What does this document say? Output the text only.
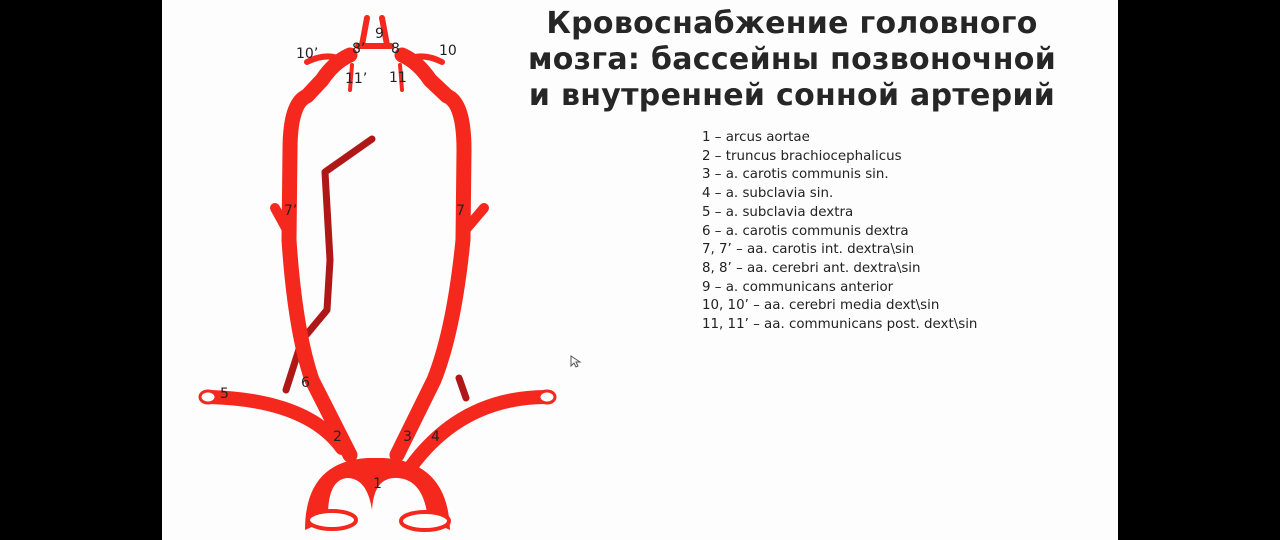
Кровоснабжение головного
мозга: бассейны позвоночной
и внутренней сонной артерий
1 – arcus aortae
2 – truncus brachiocephalicus
3 – a. carotis communis sin.
4 – a. subclavia sin.
5 – a. subclavia dextra
6 – a. carotis communis dextra
7, 7’ – aa. carotis int. dextra\sin
8, 8’ – aa. cerebri ant. dextra\sin
9 – a. communicans anterior
10, 10’ – aa. cerebri media dext\sin
11, 11’ – aa. communicans post. dext\sin
1
2	3 4
5
6
7
7’
8
8’
9
10
10’
11
11’
